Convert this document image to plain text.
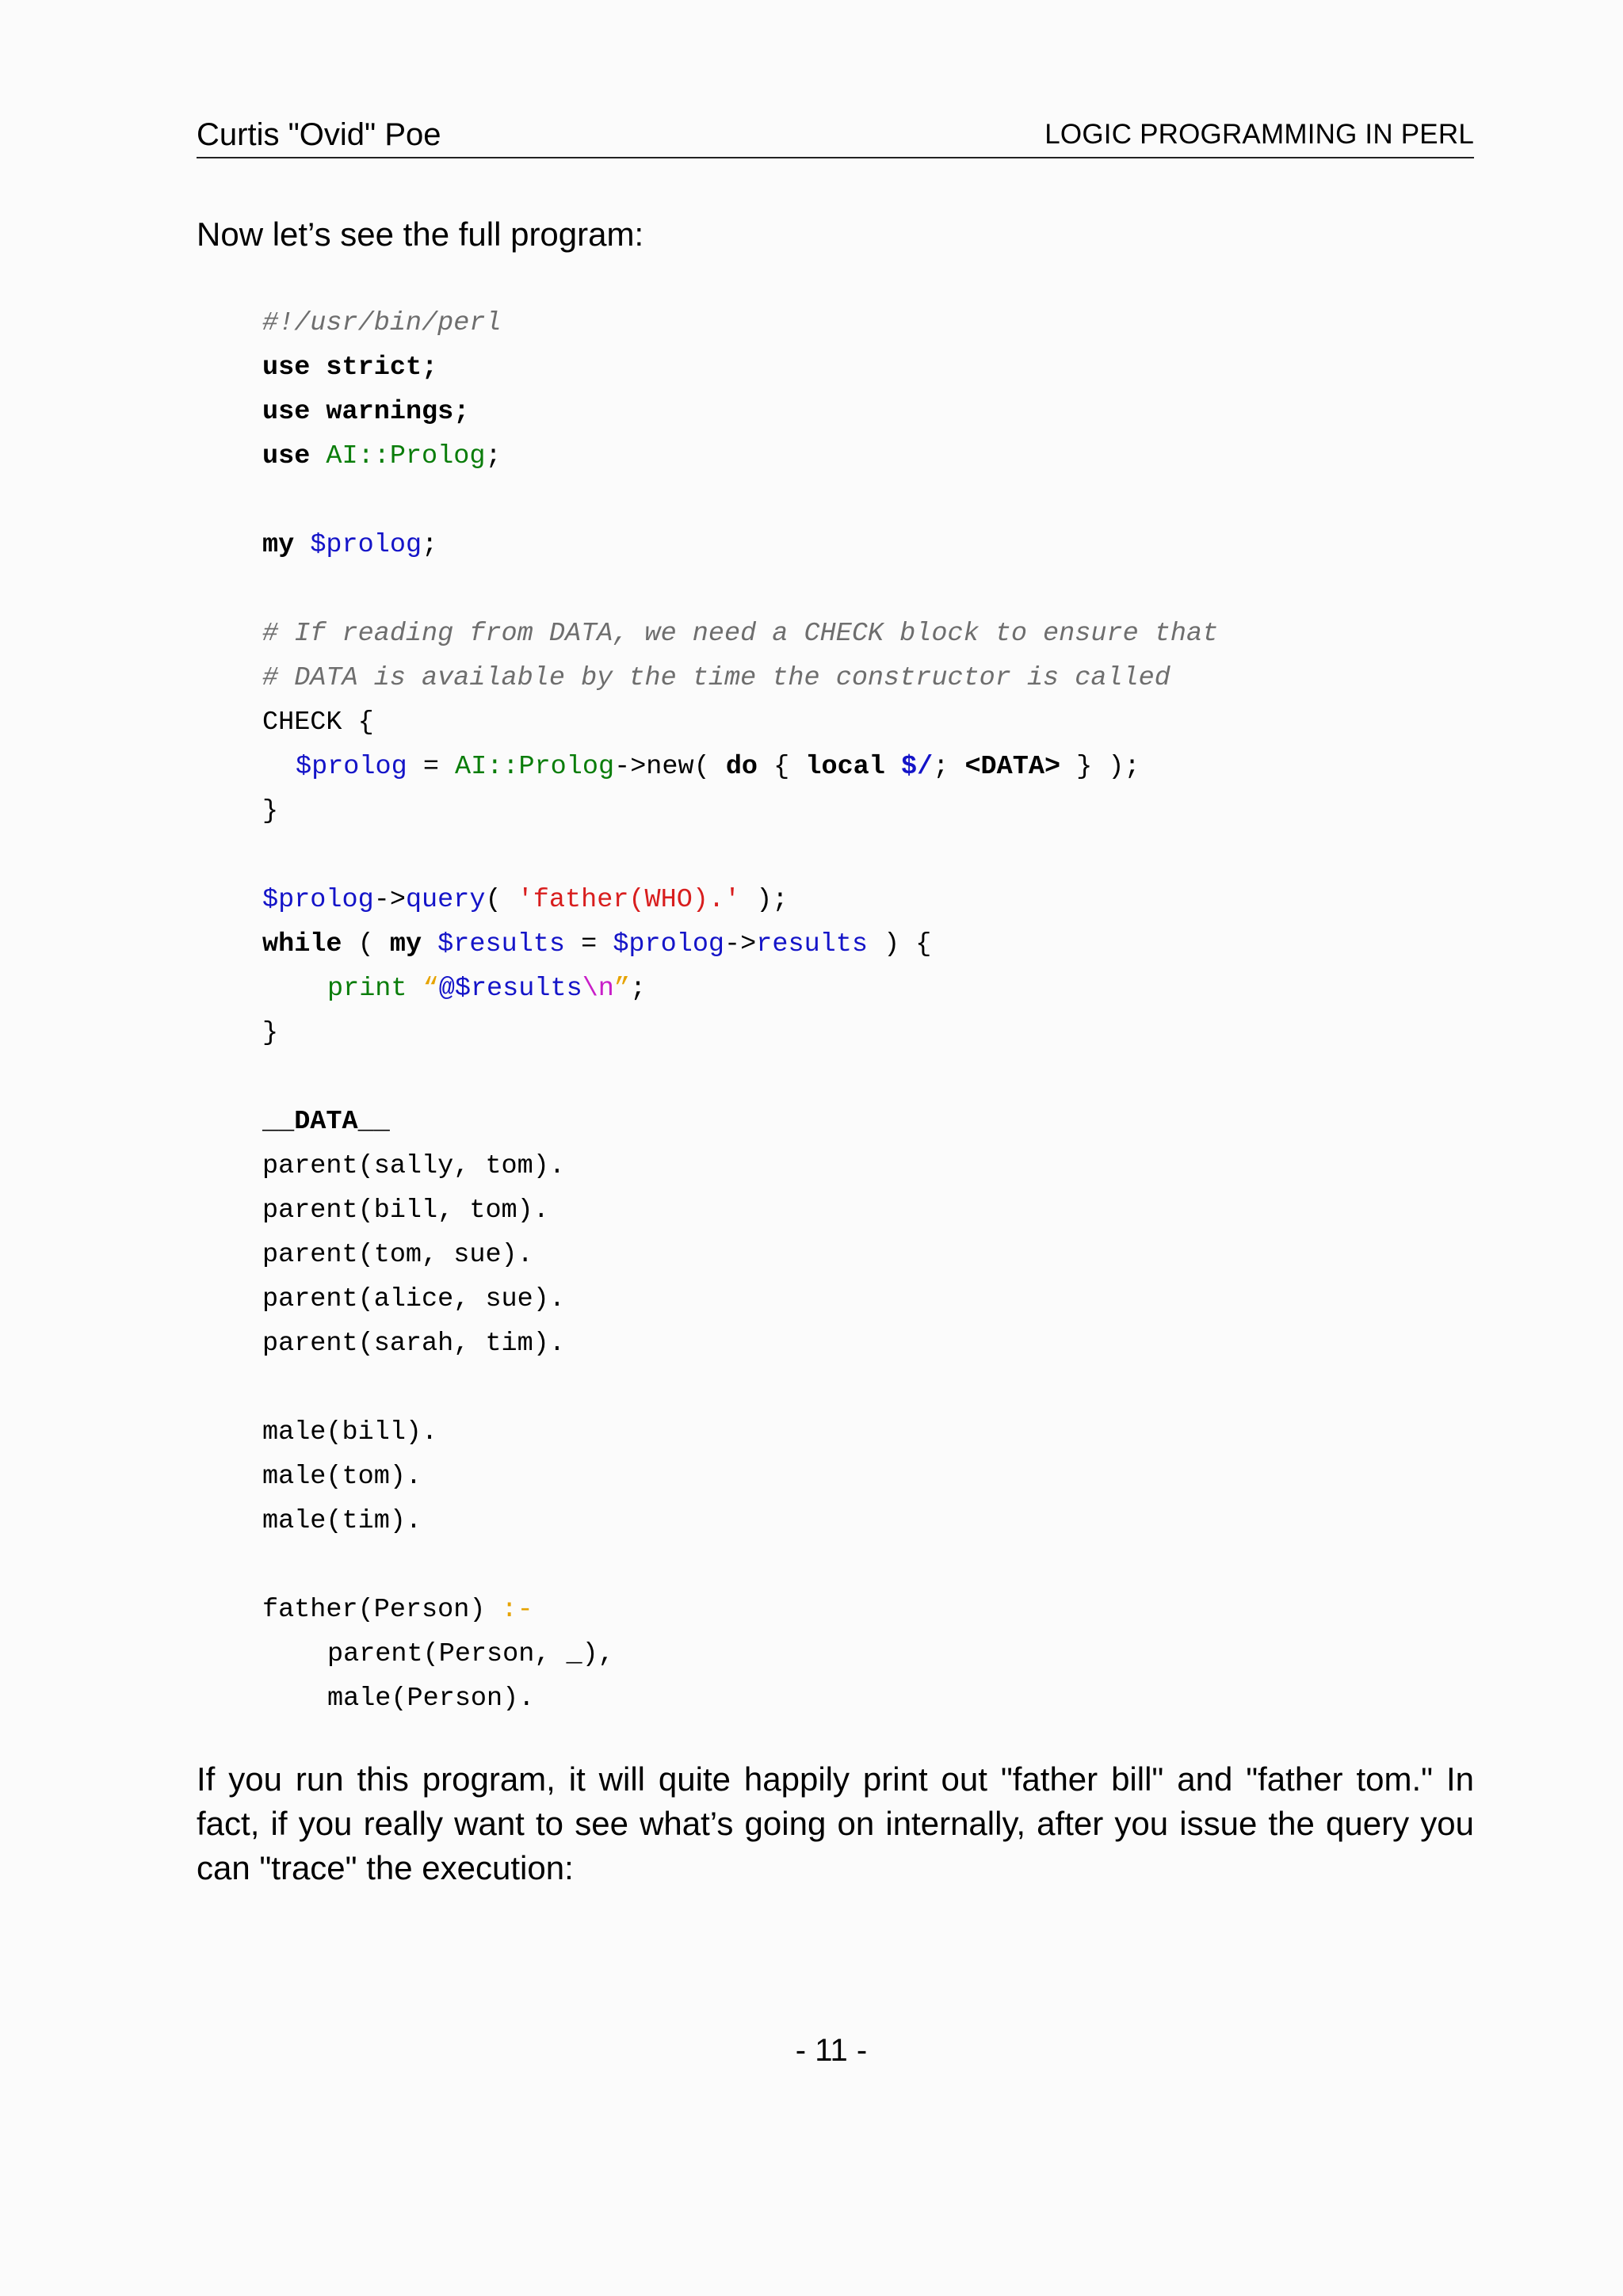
Curtis "Ovid" Poe	LOGIC PROGRAMMING IN PERL
Now let’s see the full program:

#!/usr/bin/perl

use strict;

use warnings;

use AI::Prolog;

my $prolog;

# If reading from DATA, we need a CHECK block to ensure that

# DATA is available by the time the constructor is called

CHECK {

$prolog = AI::Prolog->new( do { local $/; <DATA> } );

}

$prolog->query( 'father(WHO).' );

while ( my $results = $prolog->results ) {

print “@$results\n”;

}

__DATA__

parent(sally, tom).

parent(bill, tom).

parent(tom, sue).

parent(alice, sue).

parent(sarah, tim).

male(bill).

male(tom).

male(tim).

father(Person) :-

parent(Person, _),

male(Person).

If you run this program, it will quite happily print out "father bill" and "father tom." In fact, if you really want to see what’s going on internally, after you issue the query you can "trace" the execution:
- 11 -
